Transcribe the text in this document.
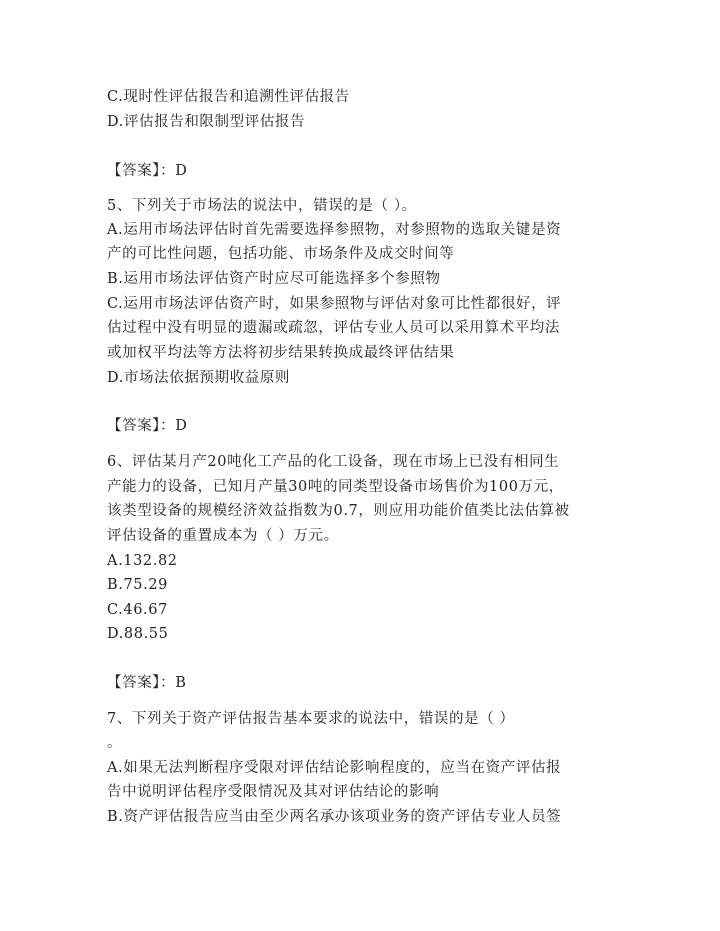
C.现时性评估报告和追溯性评估报告
D.评估报告和限制型评估报告
【答案】：D
5、下列关于市场法的说法中，错误的是（ ）。
A.运用市场法评估时首先需要选择参照物，对参照物的选取关键是资
产的可比性问题，包括功能、市场条件及成交时间等
B.运用市场法评估资产时应尽可能选择多个参照物
C.运用市场法评估资产时，如果参照物与评估对象可比性都很好，评
估过程中没有明显的遗漏或疏忽，评估专业人员可以采用算术平均法
或加权平均法等方法将初步结果转换成最终评估结果
D.市场法依据预期收益原则
【答案】：D
6、评估某月产20吨化工产品的化工设备，现在市场上已没有相同生
产能力的设备，已知月产量30吨的同类型设备市场售价为100万元，
该类型设备的规模经济效益指数为0.7，则应用功能价值类比法估算被
评估设备的重置成本为（ ）万元。
A.132.82
B.75.29
C.46.67
D.88.55
【答案】：B
7、下列关于资产评估报告基本要求的说法中，错误的是（ ）
。
A.如果无法判断程序受限对评估结论影响程度的，应当在资产评估报
告中说明评估程序受限情况及其对评估结论的影响
B.资产评估报告应当由至少两名承办该项业务的资产评估专业人员签
